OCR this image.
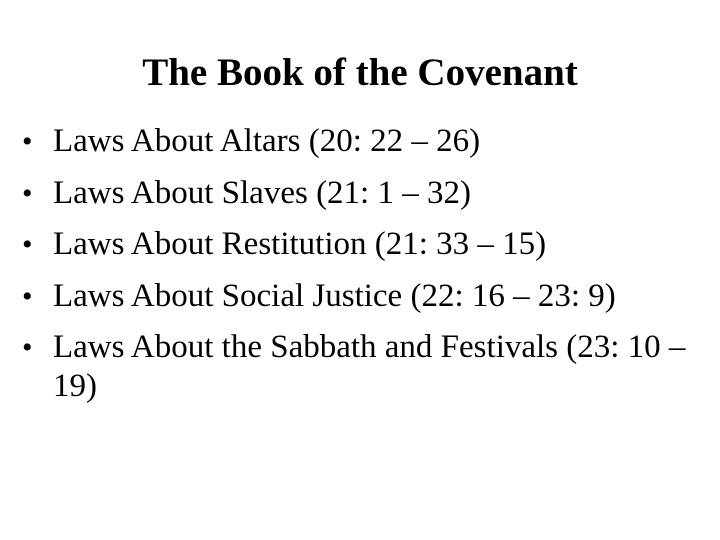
The Book of the Covenant
• Laws About Altars (20: 22 – 26)
• Laws About Slaves (21: 1 – 32)
• Laws About Restitution (21: 33 – 15)
• Laws About Social Justice (22: 16 – 23: 9)
• Laws About the Sabbath and Festivals (23: 10 – 19)
